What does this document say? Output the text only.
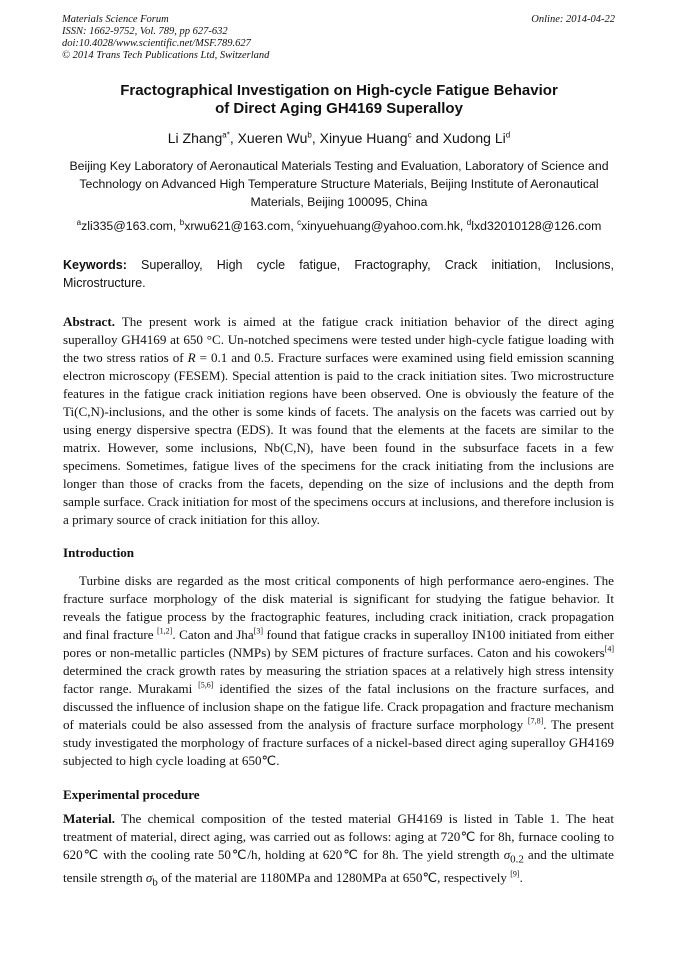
Materials Science Forum
ISSN: 1662-9752, Vol. 789, pp 627-632
doi:10.4028/www.scientific.net/MSF.789.627
© 2014 Trans Tech Publications Ltd, Switzerland
Online: 2014-04-22
Fractographical Investigation on High-cycle Fatigue Behavior
of Direct Aging GH4169 Superalloy
Li Zhang$^{a*}$, Xueren Wu$^b$, Xinyue Huang$^c$ and Xudong Li$^d$
Beijing Key Laboratory of Aeronautical Materials Testing and Evaluation, Laboratory of Science and
Technology on Advanced High Temperature Structure Materials, Beijing Institute of Aeronautical
Materials, Beijing 100095, China
$^a$zli335@163.com, $^b$xrwu621@163.com, $^c$xinyuehuang@yahoo.com.hk, $^d$lxd32010128@126.com
Keywords: Superalloy, High cycle fatigue, Fractography, Crack initiation, Inclusions, Microstructure.
Abstract. The present work is aimed at the fatigue crack initiation behavior of the direct aging superalloy GH4169 at 650 °C. Un-notched specimens were tested under high-cycle fatigue loading with the two stress ratios of R = 0.1 and 0.5. Fracture surfaces were examined using field emission scanning electron microscopy (FESEM). Special attention is paid to the crack initiation sites. Two microstructure features in the fatigue crack initiation regions have been observed. One is obviously the feature of the Ti(C,N)-inclusions, and the other is some kinds of facets. The analysis on the facets was carried out by using energy dispersive spectra (EDS). It was found that the elements at the facets are similar to the matrix. However, some inclusions, Nb(C,N), have been found in the subsurface facets in a few specimens. Sometimes, fatigue lives of the specimens for the crack initiating from the inclusions are longer than those of cracks from the facets, depending on the size of inclusions and the depth from sample surface. Crack initiation for most of the specimens occurs at inclusions, and therefore inclusion is a primary source of crack initiation for this alloy.
Introduction
Turbine disks are regarded as the most critical components of high performance aero-engines. The fracture surface morphology of the disk material is significant for studying the fatigue behavior. It reveals the fatigue process by the fractographic features, including crack initiation, crack propagation and final fracture [1,2]. Caton and Jha[3] found that fatigue cracks in superalloy IN100 initiated from either pores or non-metallic particles (NMPs) by SEM pictures of fracture surfaces. Caton and his cowokers[4] determined the crack growth rates by measuring the striation spaces at a relatively high stress intensity factor range. Murakami [5,6] identified the sizes of the fatal inclusions on the fracture surfaces, and discussed the influence of inclusion shape on the fatigue life. Crack propagation and fracture mechanism of materials could be also assessed from the analysis of fracture surface morphology [7,8]. The present study investigated the morphology of fracture surfaces of a nickel-based direct aging superalloy GH4169 subjected to high cycle loading at 650℃.
Experimental procedure
Material. The chemical composition of the tested material GH4169 is listed in Table 1. The heat treatment of material, direct aging, was carried out as follows: aging at 720℃ for 8h, furnace cooling to 620℃ with the cooling rate 50℃/h, holding at 620℃ for 8h. The yield strength $\sigma_{0.2}$ and the ultimate tensile strength $\sigma_b$ of the material are 1180MPa and 1280MPa at 650℃, respectively [9].
